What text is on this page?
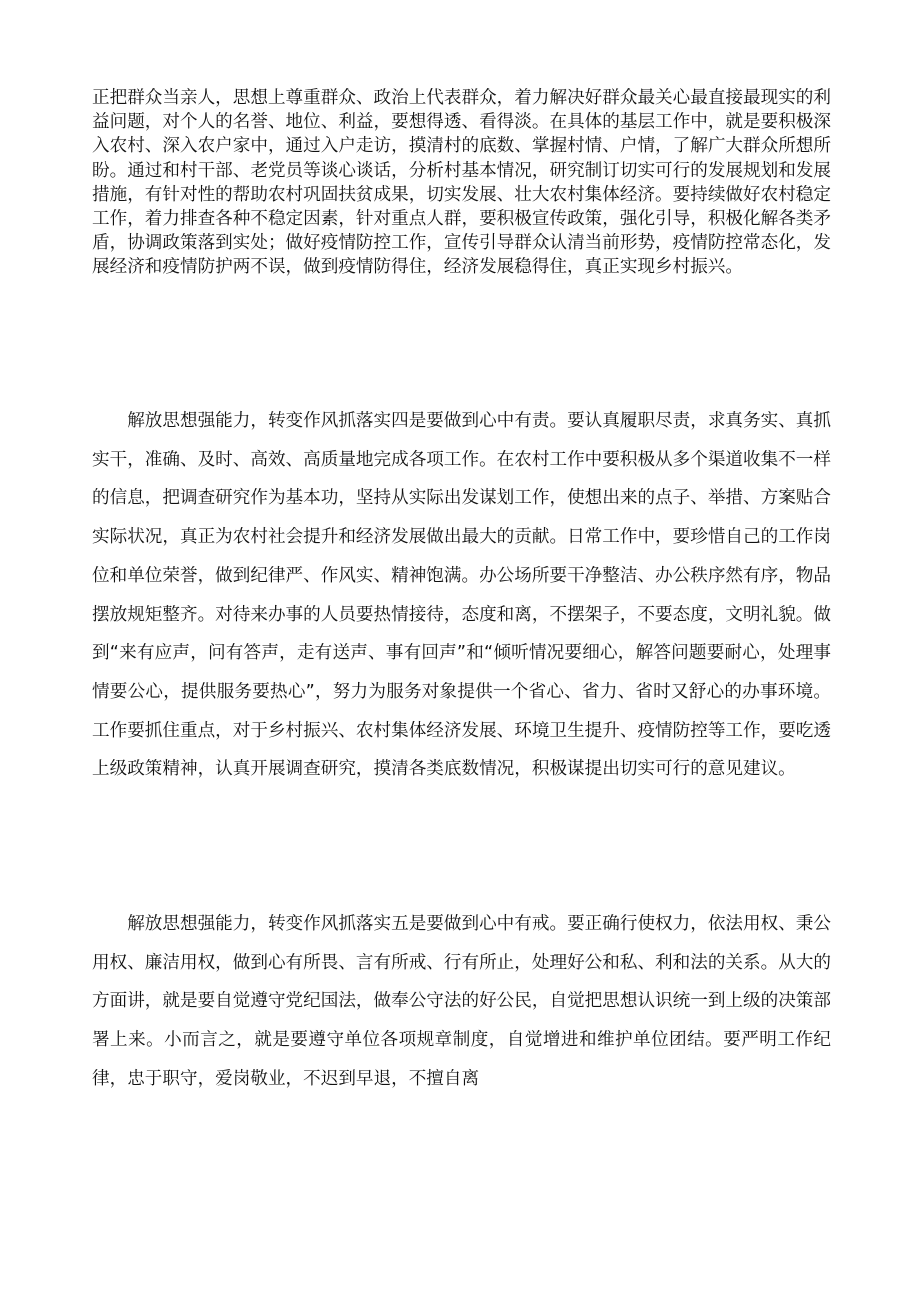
正把群众当亲人，思想上尊重群众、政治上代表群众，着力解决好群众最关心最直接最现实的利益问题，对个人的名誉、地位、利益，要想得透、看得淡。在具体的基层工作中，就是要积极深入农村、深入农户家中，通过入户走访，摸清村的底数、掌握村情、户情，了解广大群众所想所盼。通过和村干部、老党员等谈心谈话，分析村基本情况，研究制订切实可行的发展规划和发展措施，有针对性的帮助农村巩固扶贫成果，切实发展、壮大农村集体经济。要持续做好农村稳定工作，着力排查各种不稳定因素，针对重点人群，要积极宣传政策，强化引导，积极化解各类矛盾，协调政策落到实处；做好疫情防控工作，宣传引导群众认清当前形势，疫情防控常态化，发展经济和疫情防护两不误，做到疫情防得住，经济发展稳得住，真正实现乡村振兴。

解放思想强能力，转变作风抓落实四是要做到心中有责。要认真履职尽责，求真务实、真抓实干，准确、及时、高效、高质量地完成各项工作。在农村工作中要积极从多个渠道收集不一样的信息，把调查研究作为基本功，坚持从实际出发谋划工作，使想出来的点子、举措、方案贴合实际状况，真正为农村社会提升和经济发展做出最大的贡献。日常工作中，要珍惜自己的工作岗位和单位荣誉，做到纪律严、作风实、精神饱满。办公场所要干净整洁、办公秩序然有序，物品摆放规矩整齐。对待来办事的人员要热情接待，态度和离，不摆架子，不要态度，文明礼貌。做到“来有应声，问有答声，走有送声、事有回声”和“倾听情况要细心，解答问题要耐心，处理事情要公心，提供服务要热心”，努力为服务对象提供一个省心、省力、省时又舒心的办事环境。工作要抓住重点，对于乡村振兴、农村集体经济发展、环境卫生提升、疫情防控等工作，要吃透上级政策精神，认真开展调查研究，摸清各类底数情况，积极谋提出切实可行的意见建议。

解放思想强能力，转变作风抓落实五是要做到心中有戒。要正确行使权力，依法用权、秉公用权、廉洁用权，做到心有所畏、言有所戒、行有所止，处理好公和私、利和法的关系。从大的方面讲，就是要自觉遵守党纪国法，做奉公守法的好公民，自觉把思想认识统一到上级的决策部署上来。小而言之，就是要遵守单位各项规章制度，自觉增进和维护单位团结。要严明工作纪律，忠于职守，爱岗敬业，不迟到早退，不擅自离
